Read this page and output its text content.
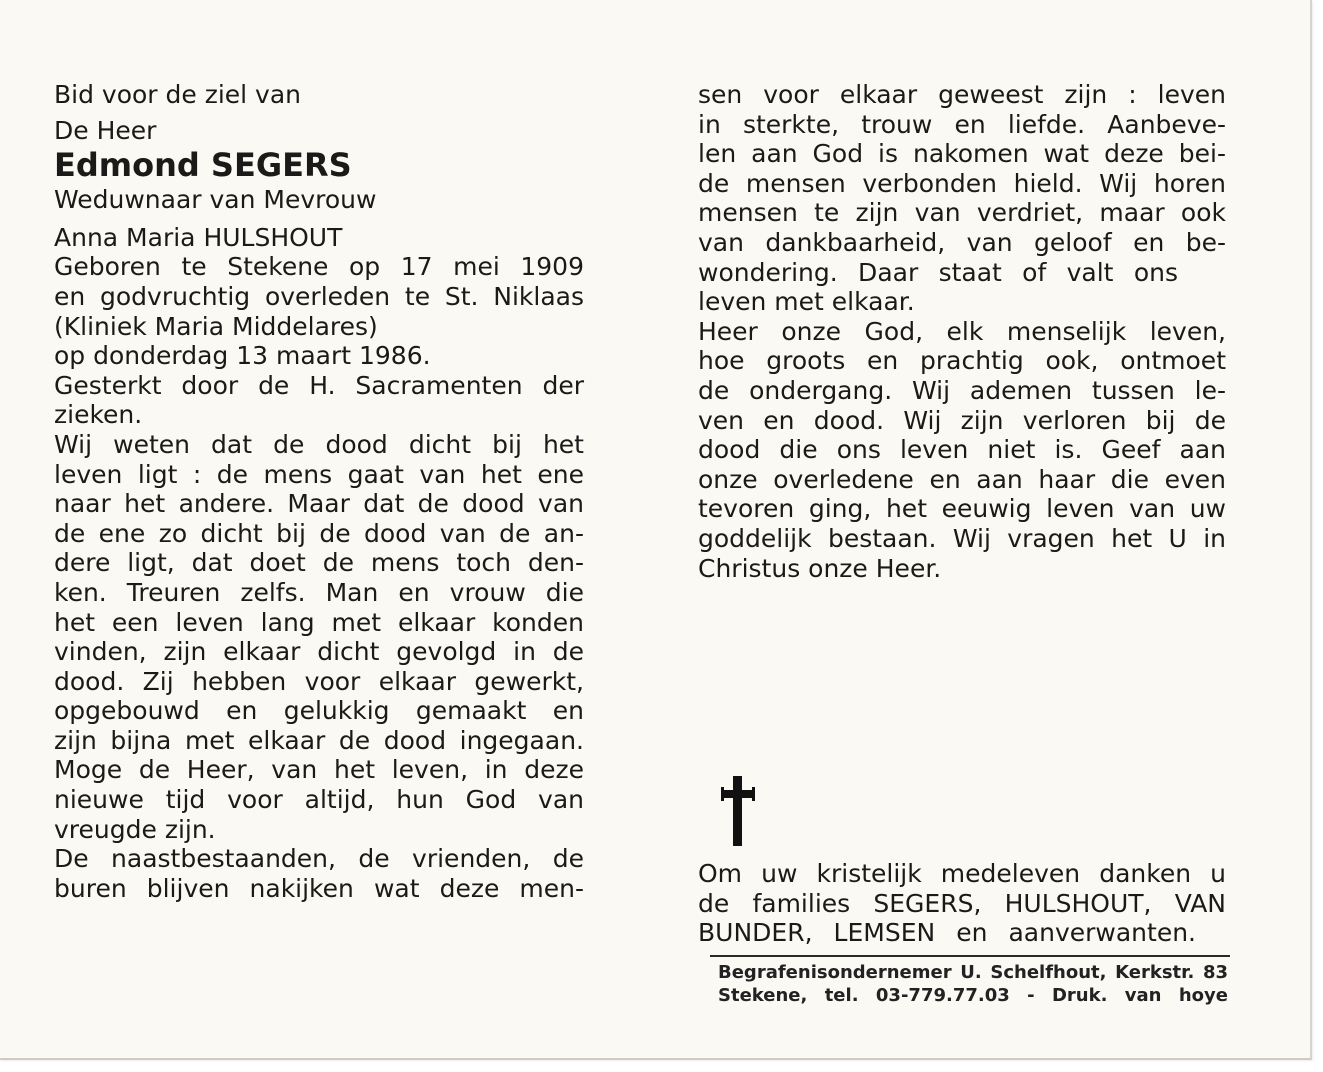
Bid voor de ziel van
De Heer

Edmond SEGERS

Weduwnaar van Mevrouw
Anna Maria HULSHOUT

Geboren te Stekene op 17 mei 1909
en godvruchtig overleden te St. Niklaas
(Kliniek Maria Middelares)
op donderdag 13 maart 1986.

Gesterkt door de H. Sacramenten der
zieken.

Wij weten dat de dood dicht bij het
leven ligt : de mens gaat van het ene
naar het andere. Maar dat de dood van
de ene zo dicht bij de dood van de an-
dere ligt, dat doet de mens toch den-
ken. Treuren zelfs. Man en vrouw die
het een leven lang met elkaar konden
vinden, zijn elkaar dicht gevolgd in de
dood. Zij hebben voor elkaar gewerkt,
opgebouwd en gelukkig gemaakt en
zijn bijna met elkaar de dood ingegaan.
Moge de Heer, van het leven, in deze
nieuwe tijd voor altijd, hun God van
vreugde zijn.

De naastbestaanden, de vrienden, de
buren blijven nakijken wat deze men-

sen voor elkaar geweest zijn : leven
in sterkte, trouw en liefde. Aanbeve-
len aan God is nakomen wat deze bei-
de mensen verbonden hield. Wij horen
mensen te zijn van verdriet, maar ook
van dankbaarheid, van geloof en be-
wondering. Daar staat of valt ons
leven met elkaar.

Heer onze God, elk menselijk leven,
hoe groots en prachtig ook, ontmoet
de ondergang. Wij ademen tussen le-
ven en dood. Wij zijn verloren bij de
dood die ons leven niet is. Geef aan
onze overledene en aan haar die even
tevoren ging, het eeuwig leven van uw
goddelijk bestaan. Wij vragen het U in
Christus onze Heer.

Om uw kristelijk medeleven danken u
de families SEGERS, HULSHOUT, VAN
BUNDER, LEMSEN en aanverwanten.

Begrafenisondernemer U. Schelfhout, Kerkstr. 83
Stekene, tel. 03-779.77.03 - Druk. van hoye
